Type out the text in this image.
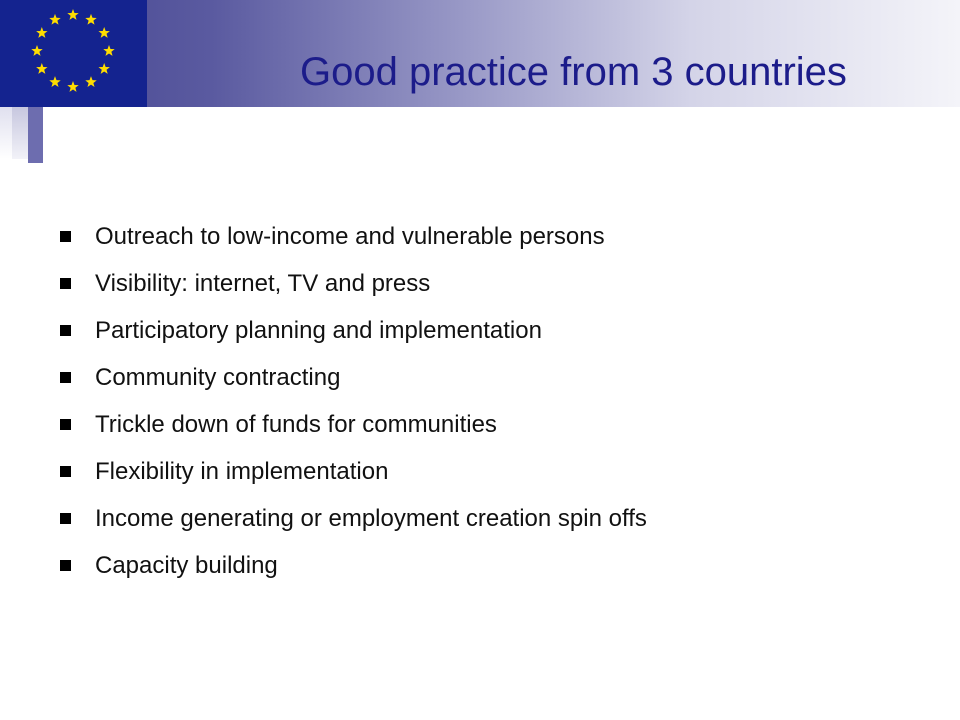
Good practice from 3 countries
Outreach to low-income and vulnerable persons
Visibility: internet, TV and press
Participatory planning and implementation
Community contracting
Trickle down of funds for communities
Flexibility in implementation
Income generating or employment creation spin offs
Capacity building
